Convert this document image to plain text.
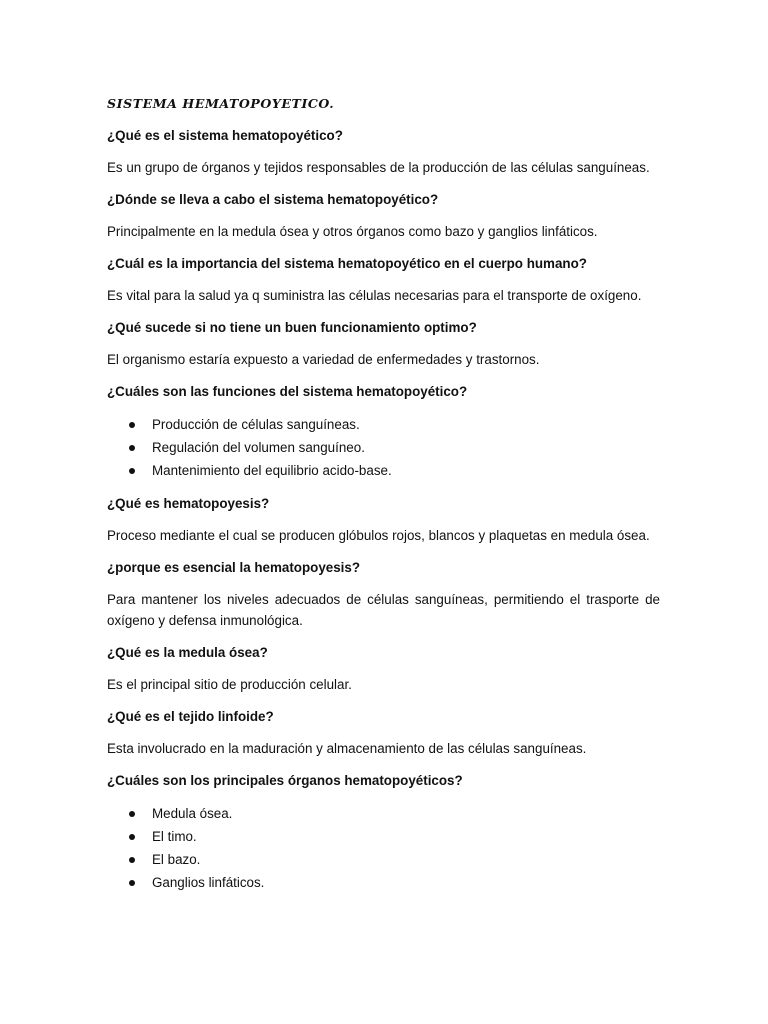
SISTEMA HEMATOPOYETICO.
¿Qué es el sistema hematopoyético?
Es un grupo de órganos y tejidos responsables de la producción de las células sanguíneas.
¿Dónde se lleva a cabo el sistema hematopoyético?
Principalmente en la medula ósea y otros órganos como bazo y ganglios linfáticos.
¿Cuál es la importancia del sistema hematopoyético en el cuerpo humano?
Es vital para la salud ya q suministra las células necesarias para el transporte de oxígeno.
¿Qué sucede si no tiene un buen funcionamiento optimo?
El organismo estaría expuesto a variedad de enfermedades y trastornos.
¿Cuáles son las funciones del sistema hematopoyético?
Producción de células sanguíneas.
Regulación del volumen sanguíneo.
Mantenimiento del equilibrio acido-base.
¿Qué es hematopoyesis?
Proceso mediante el cual se producen glóbulos rojos, blancos y plaquetas en medula ósea.
¿porque es esencial la hematopoyesis?
Para mantener los niveles adecuados de células sanguíneas, permitiendo el trasporte de oxígeno y defensa inmunológica.
¿Qué es la medula ósea?
Es el principal sitio de producción celular.
¿Qué es el tejido linfoide?
Esta involucrado en la maduración y almacenamiento de las células sanguíneas.
¿Cuáles son los principales órganos hematopoyéticos?
Medula ósea.
El timo.
El bazo.
Ganglios linfáticos.
